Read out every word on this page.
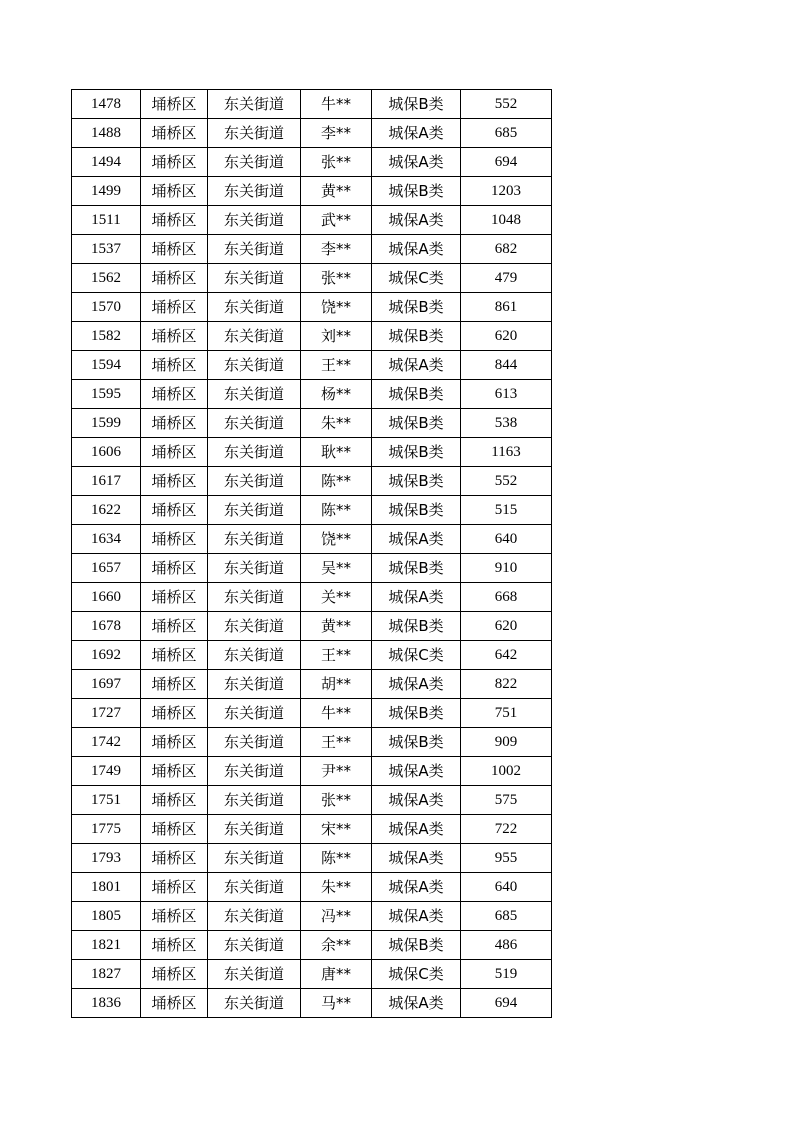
1478	埇桥区	东关街道	牛**	城保B类	552
1488	埇桥区	东关街道	李**	城保A类	685
1494	埇桥区	东关街道	张**	城保A类	694
1499	埇桥区	东关街道	黄**	城保B类	1203
1511	埇桥区	东关街道	武**	城保A类	1048
1537	埇桥区	东关街道	李**	城保A类	682
1562	埇桥区	东关街道	张**	城保C类	479
1570	埇桥区	东关街道	饶**	城保B类	861
1582	埇桥区	东关街道	刘**	城保B类	620
1594	埇桥区	东关街道	王**	城保A类	844
1595	埇桥区	东关街道	杨**	城保B类	613
1599	埇桥区	东关街道	朱**	城保B类	538
1606	埇桥区	东关街道	耿**	城保B类	1163
1617	埇桥区	东关街道	陈**	城保B类	552
1622	埇桥区	东关街道	陈**	城保B类	515
1634	埇桥区	东关街道	饶**	城保A类	640
1657	埇桥区	东关街道	吴**	城保B类	910
1660	埇桥区	东关街道	关**	城保A类	668
1678	埇桥区	东关街道	黄**	城保B类	620
1692	埇桥区	东关街道	王**	城保C类	642
1697	埇桥区	东关街道	胡**	城保A类	822
1727	埇桥区	东关街道	牛**	城保B类	751
1742	埇桥区	东关街道	王**	城保B类	909
1749	埇桥区	东关街道	尹**	城保A类	1002
1751	埇桥区	东关街道	张**	城保A类	575
1775	埇桥区	东关街道	宋**	城保A类	722
1793	埇桥区	东关街道	陈**	城保A类	955
1801	埇桥区	东关街道	朱**	城保A类	640
1805	埇桥区	东关街道	冯**	城保A类	685
1821	埇桥区	东关街道	余**	城保B类	486
1827	埇桥区	东关街道	唐**	城保C类	519
1836	埇桥区	东关街道	马**	城保A类	694
